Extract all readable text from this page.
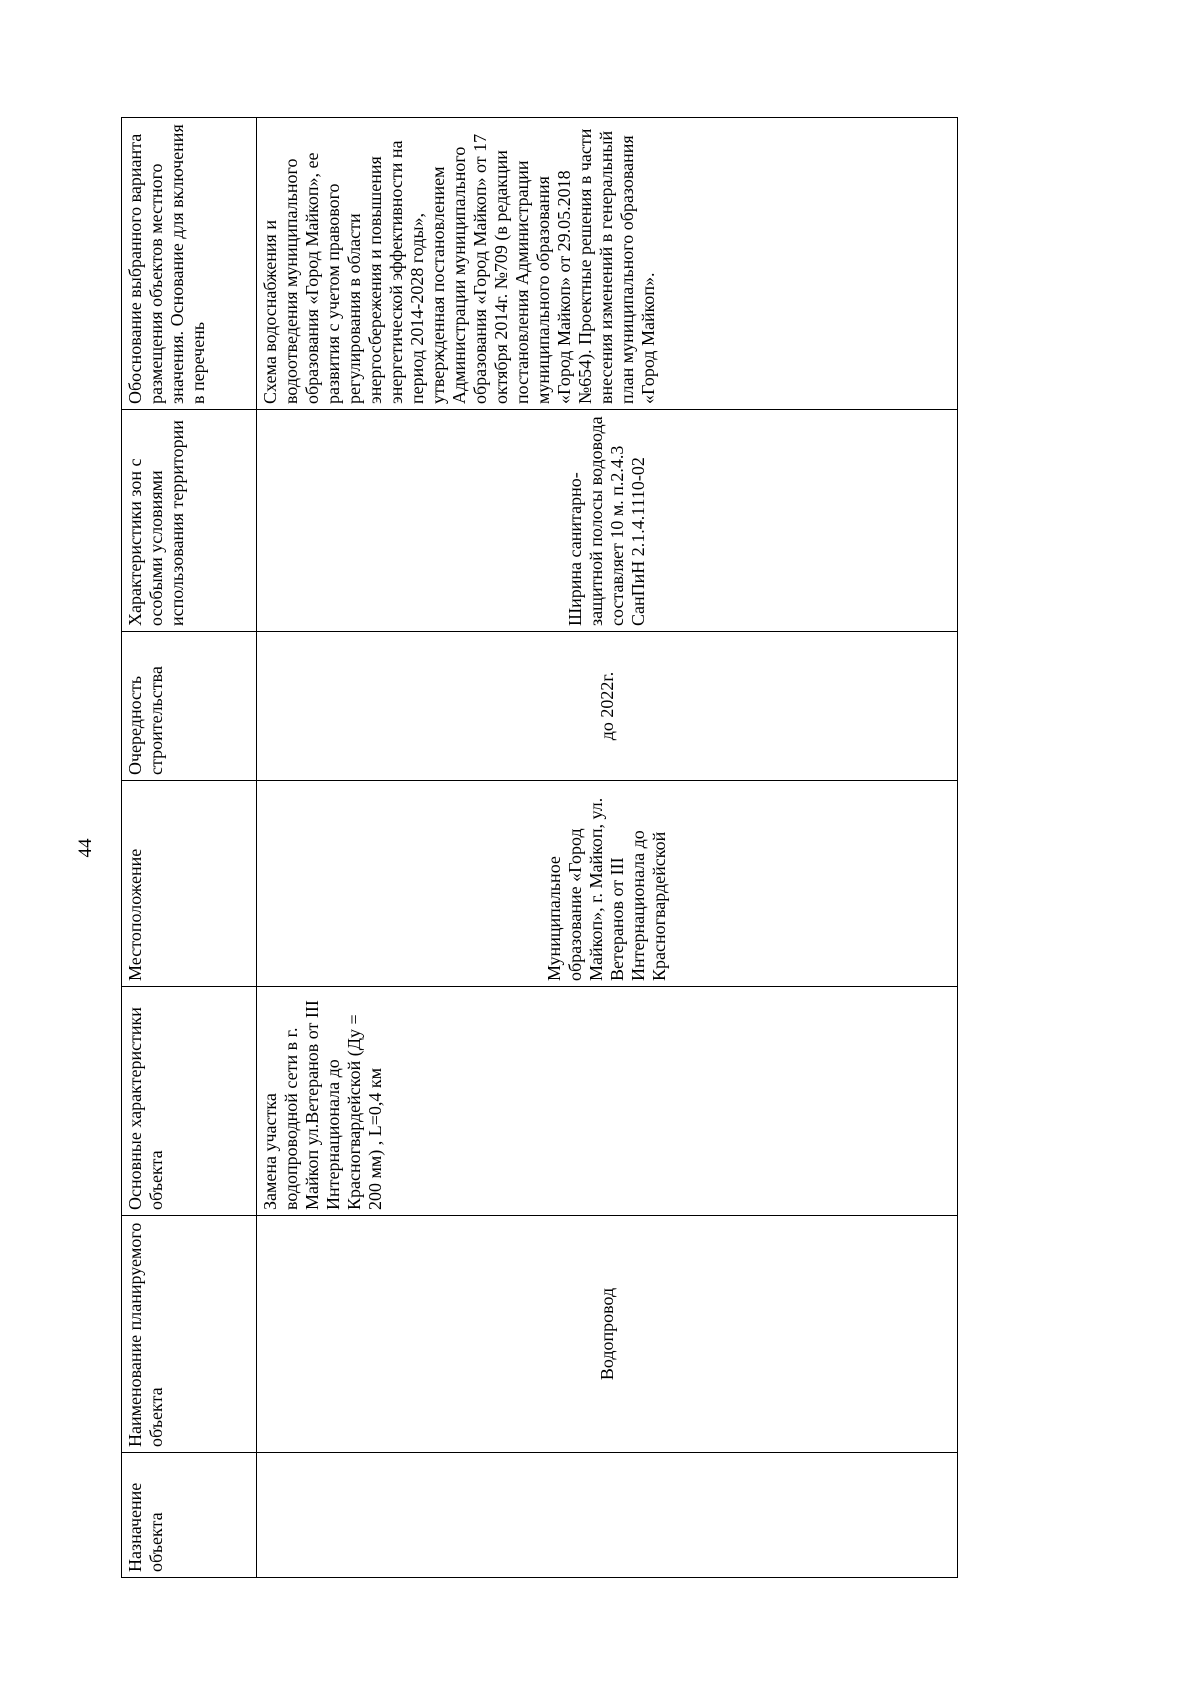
44
Назначение объекта	Наименование планируемого объекта	Основные характеристики объекта	Местоположение	Очередность строительства	Характеристики зон с особыми условиями использования территории	Обоснование выбранного варианта размещения объектов местного значения. Основание для включения в перечень
	Водопровод	Замена участка водопроводной сети в г. Майкоп ул.Ветеранов от III Интернационала до Красногвардейской (Ду = 200 мм) , L=0,4 км	Муниципальное образование «Город Майкоп», г. Майкоп, ул. Ветеранов от III Интернационала до Красногвардейской	до 2022г.	Ширина санитарно-защитной полосы водовода составляет 10 м. п.2.4.3 СанПиН 2.1.4.1110-02	Схема водоснабжения и водоотведения муниципального образования «Город Майкоп», ее развития с учетом правового регулирования в области энергосбережения и повышения энергетической эффективности на период 2014-2028 годы», утвержденная постановлением Администрации муниципального образования «Город Майкоп» от 17 октября 2014г. №709 (в редакции постановления Администрации муниципального образования «Город Майкоп» от 29.05.2018 №654). Проектные решения в части внесения изменений в генеральный план муниципального образования «Город Майкоп».
